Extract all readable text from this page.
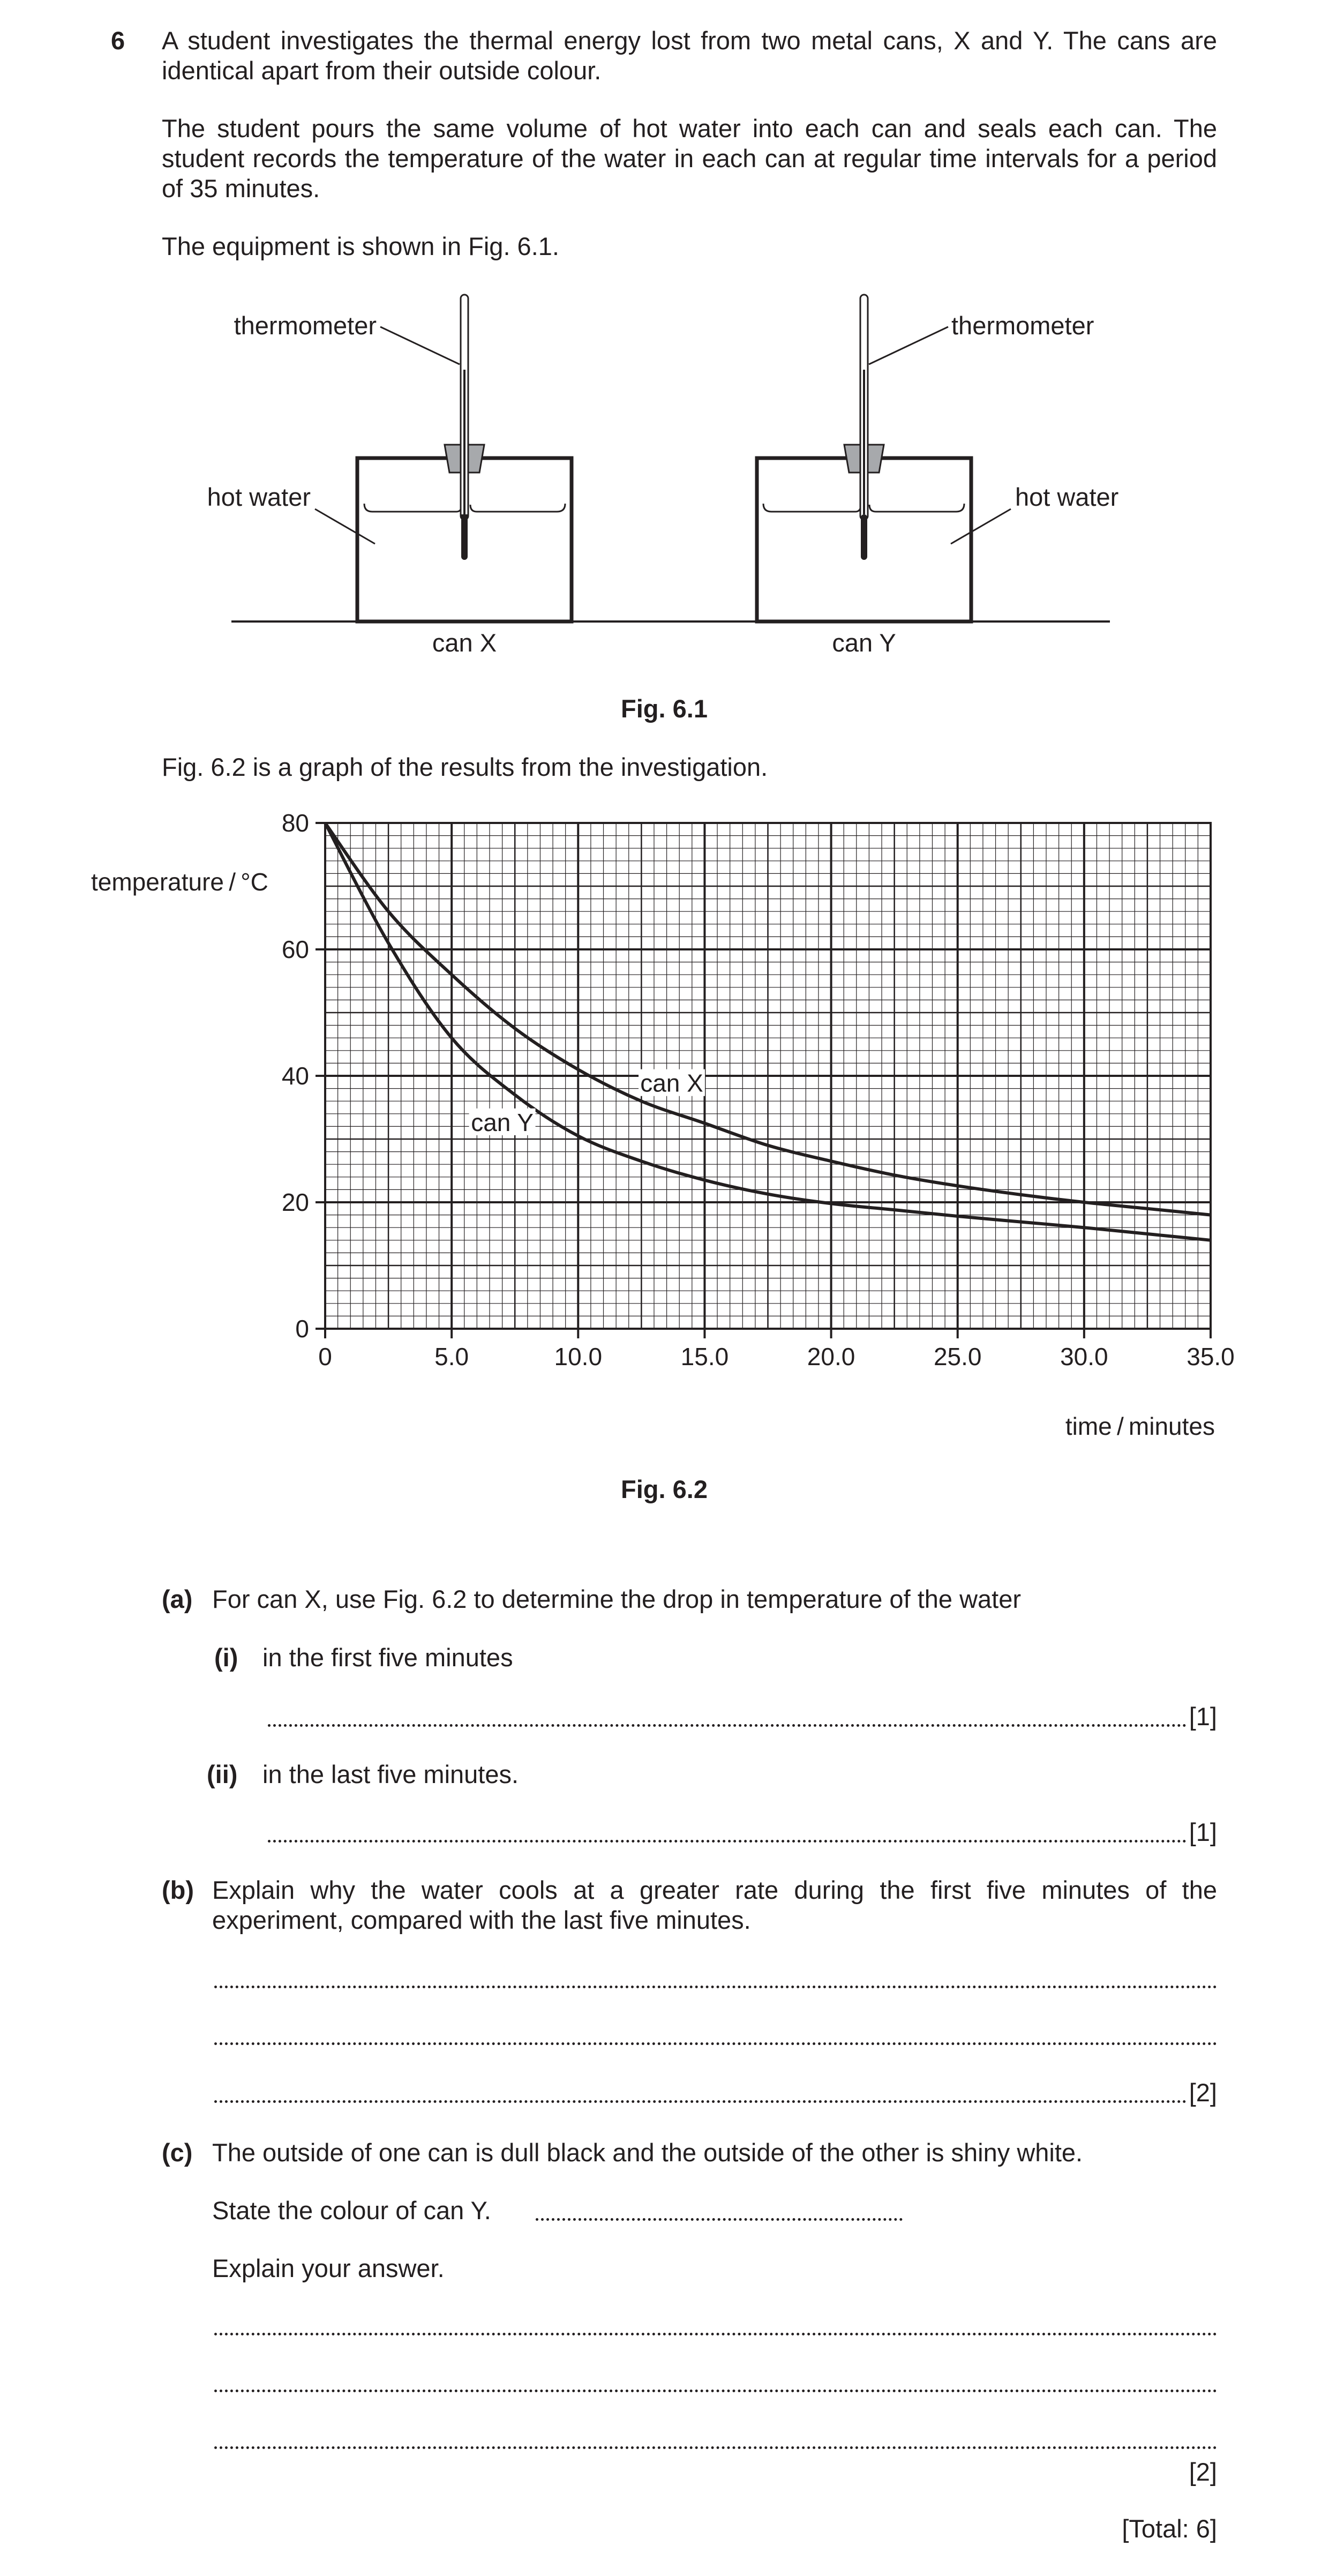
6 A student investigates the thermal energy lost from two metal cans, X and Y. The cans are identical apart from their outside colour.
The student pours the same volume of hot water into each can and seals each can. The student records the temperature of the water in each can at regular time intervals for a period of 35 minutes.
The equipment is shown in Fig. 6.1.
thermometer	thermometer
hot water	hot water
can X	can Y
Fig. 6.1
Fig. 6.2 is a graph of the results from the investigation.
0	5.0	10.0	15.0	20.0	25.0	30.0	35.0
0
20
40
60
80
temperature / °C
time / minutes
can X
can Y
Fig. 6.2
(a) For can X, use Fig. 6.2 to determine the drop in temperature of the water
(i) in the first five minutes
[1]
(ii) in the last five minutes.
[1]
(b) Explain why the water cools at a greater rate during the first five minutes of the experiment, compared with the last five minutes.
[2]
(c) The outside of one can is dull black and the outside of the other is shiny white.
State the colour of can Y.
Explain your answer.
[2]
[Total: 6]
